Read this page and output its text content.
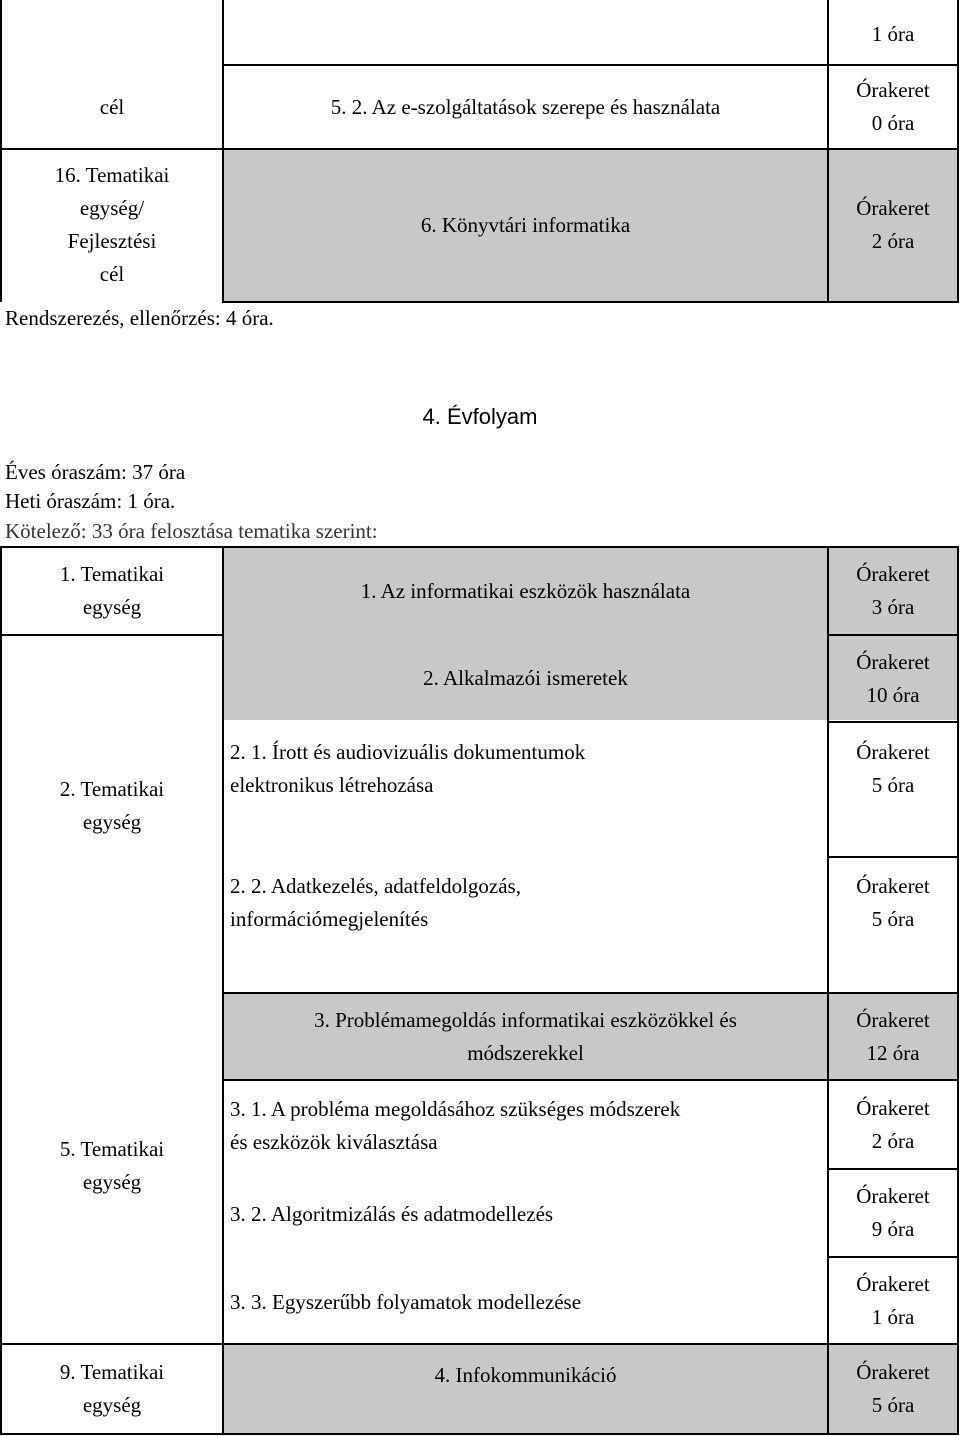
1 óra
cél	5. 2. Az e-szolgáltatások szerepe és használata
Órakeret
0 óra
16. Tematikai
egység/
Fejlesztési
cél
6. Könyvtári informatika
Órakeret
2 óra
Rendszerezés, ellenőrzés: 4 óra.
4. Évfolyam
Éves óraszám: 37 óra
Heti óraszám: 1 óra.
Kötelező: 33 óra felosztása tematika szerint:
1. Tematikai
egység
1. Az informatikai eszközök használata
Órakeret
3 óra
2. Tematikai
egység
2. Alkalmazói ismeretek
Órakeret
10 óra
2. 1. Írott és audiovizuális dokumentumok
elektronikus létrehozása
Órakeret
5 óra
2. 2. Adatkezelés, adatfeldolgozás,
információmegjelenítés
Órakeret
5 óra
5. Tematikai
egység
3. Problémamegoldás informatikai eszközökkel és
módszerekkel
Órakeret
12 óra
3. 1. A probléma megoldásához szükséges módszerek
és eszközök kiválasztása
Órakeret
2 óra
3. 2. Algoritmizálás és adatmodellezés
Órakeret
9 óra
3. 3. Egyszerűbb folyamatok modellezése
Órakeret
1 óra
9. Tematikai
egység
4. Infokommunikáció	Órakeret
5 óra
